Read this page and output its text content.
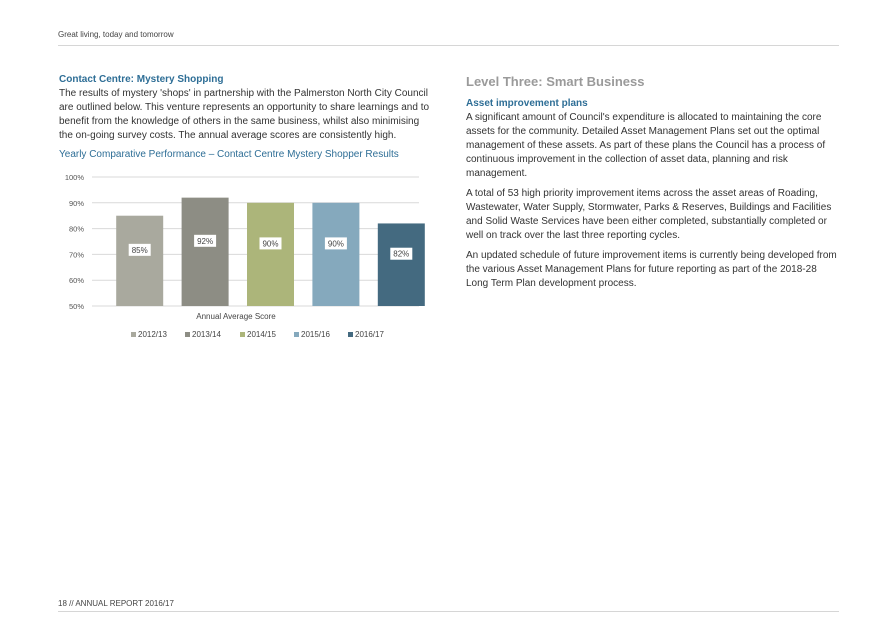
Great living, today and tomorrow
Contact Centre: Mystery Shopping

The results of mystery 'shops' in partnership with the Palmerston North City Council are outlined below. This venture represents an opportunity to share learnings and to benefit from the knowledge of others in the same business, whilst also minimising the on-going survey costs. The annual average scores are consistently high.

Yearly Comparative Performance – Contact Centre Mystery Shopper Results

50%
60%
70%
80%
90%
100%
85%
92%	90%	90%
82%
Annual Average Score
2012/13	2013/14	2014/15	2015/16	2016/17
Level Three: Smart Business
Asset improvement plans

A significant amount of Council's expenditure is allocated to maintaining the core assets for the community. Detailed Asset Management Plans set out the optimal management of these assets. As part of these plans the Council has a process of continuous improvement in the collection of asset data, planning and risk management.

A total of 53 high priority improvement items across the asset areas of Roading, Wastewater, Water Supply, Stormwater, Parks & Reserves, Buildings and Facilities and Solid Waste Services have been either completed, substantially completed or well on track over the last three reporting cycles.

An updated schedule of future improvement items is currently being developed from the various Asset Management Plans for future reporting as part of the 2018-28 Long Term Plan development process.

18 // ANNUAL REPORT 2016/17
